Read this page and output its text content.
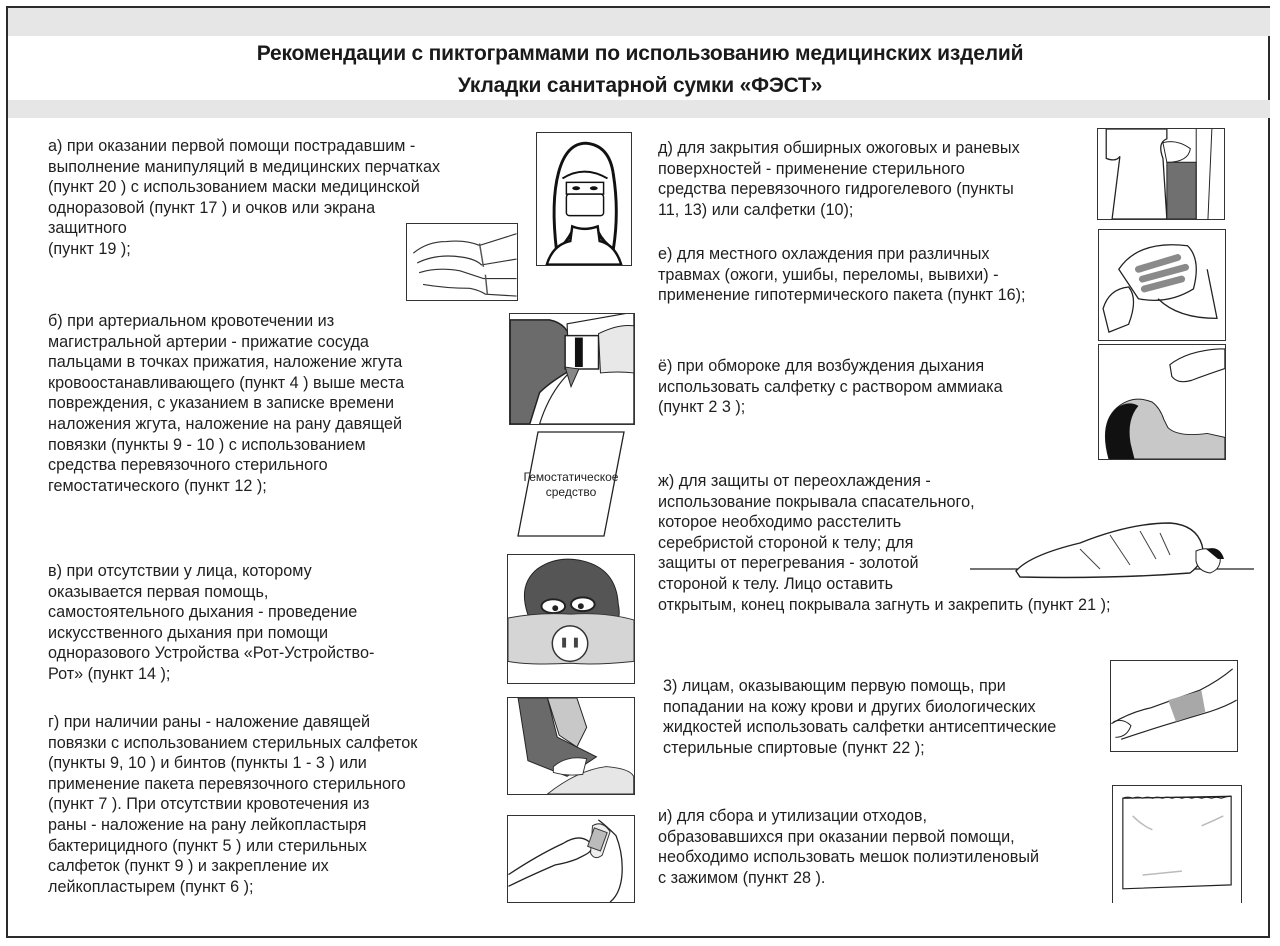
Рекомендации с пиктограммами по использованию медицинских изделий
Укладки санитарной сумки «ФЭСТ»
а) при оказании первой помощи пострадавшим -
выполнение манипуляций в медицинских перчатках
(пункт 20 ) с использованием маски медицинской
одноразовой (пункт 17 ) и очков или экрана
защитного
(пункт 19 );
б) при артериальном кровотечении из
магистральной артерии - прижатие сосуда
пальцами в точках прижатия, наложение жгута
кровоостанавливающего (пункт 4 ) выше места
повреждения, с указанием в записке времени
наложения жгута, наложение на рану давящей
повязки (пункты 9 - 10 ) с использованием
средства перевязочного стерильного
гемостатического (пункт 12 );	Гемостатическое
средство
в) при отсутствии у лица, которому
оказывается первая помощь,
самостоятельного дыхания - проведение
искусственного дыхания при помощи
одноразового Устройства «Рот-Устройство-
Рот» (пункт 14 );
г) при наличии раны - наложение давящей
повязки с использованием стерильных салфеток
(пункты 9, 10 ) и бинтов (пункты 1 - 3 ) или
применение пакета перевязочного стерильного
(пункт 7 ). При отсутствии кровотечения из
раны - наложение на рану лейкопластыря
бактерицидного (пункт 5 ) или стерильных
салфеток (пункт 9 ) и закрепление их
лейкопластырем (пункт 6 );
д) для закрытия обширных ожоговых и раневых
поверхностей - применение стерильного
средства перевязочного гидрогелевого (пункты
11, 13) или салфетки (10);
е) для местного охлаждения при различных
травмах (ожоги, ушибы, переломы, вывихи) -
применение гипотермического пакета (пункт 16);
ё) при обмороке для возбуждения дыхания
использовать салфетку с раствором аммиака
(пункт 2 3 );
ж) для защиты от переохлаждения -
использование покрывала спасательного,
которое необходимо расстелить
серебристой стороной к телу; для
защиты от перегревания - золотой
стороной к телу. Лицо оставить
открытым, конец покрывала загнуть и закрепить (пункт 21 );
3) лицам, оказывающим первую помощь, при
попадании на кожу крови и других биологических
жидкостей использовать салфетки антисептические
стерильные спиртовые (пункт 22 );
и) для сбора и утилизации отходов,
образовавшихся при оказании первой помощи,
необходимо использовать мешок полиэтиленовый
с зажимом (пункт 28 ).
